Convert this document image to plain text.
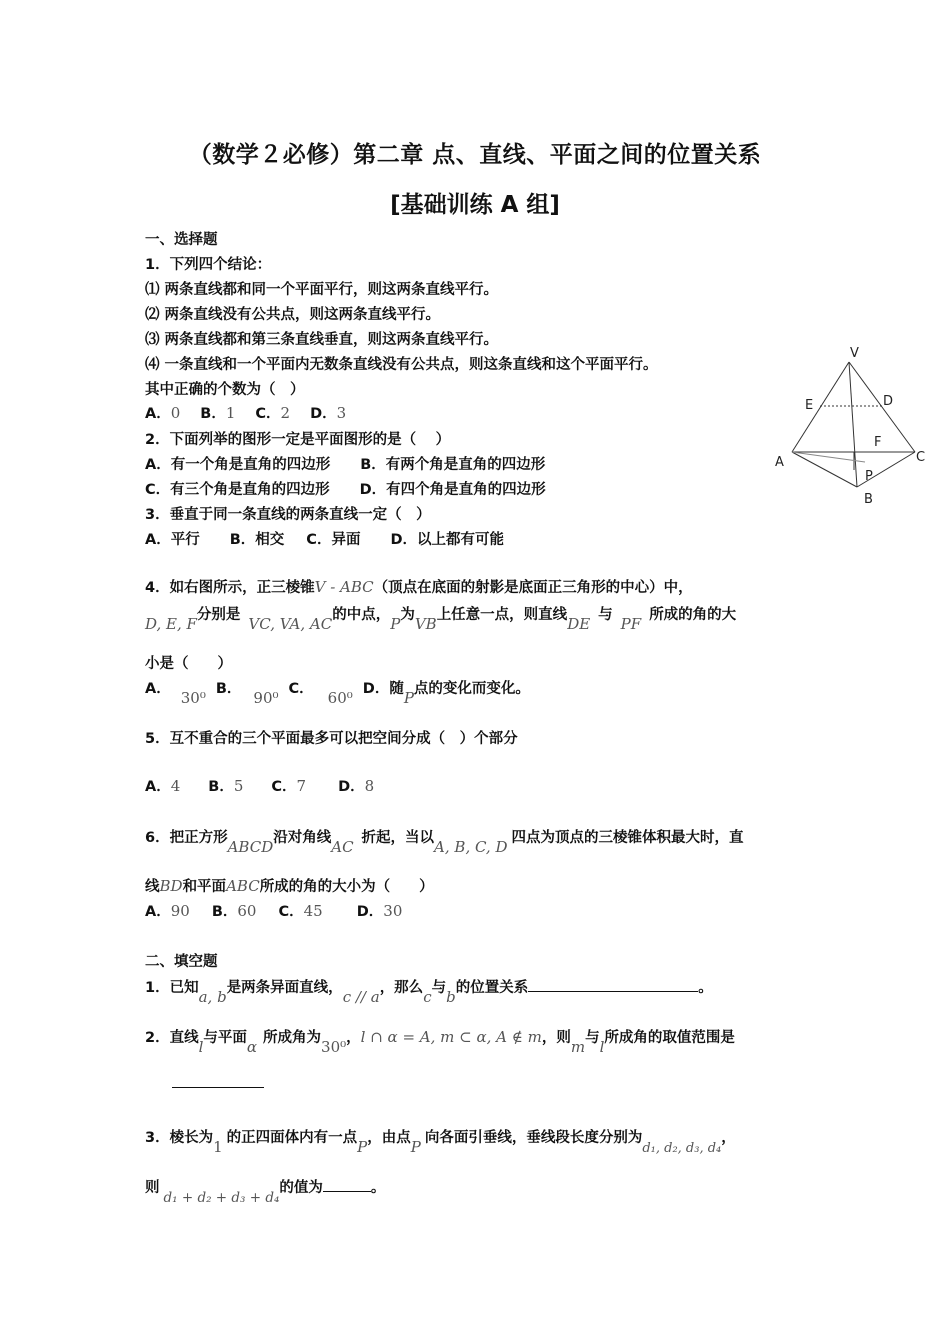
（数学２必修）第二章 点、直线、平面之间的位置关系
[基础训练 A 组]
一、选择题
1．下列四个结论：
⑴ 两条直线都和同一个平面平行，则这两条直线平行。
⑵ 两条直线没有公共点，则这两条直线平行。
⑶ 两条直线都和第三条直线垂直，则这两条直线平行。
⑷ 一条直线和一个平面内无数条直线没有公共点，则这条直线和这个平面平行。
其中正确的个数为（　）
A．0 B．1 C．2 D．3
2．下面列举的图形一定是平面图形的是（　 ）
A．有一个角是直角的四边形 B．有两个角是直角的四边形
C．有三个角是直角的四边形 D．有四个角是直角的四边形
3．垂直于同一条直线的两条直线一定（　）
A．平行 B．相交 C．异面 D．以上都有可能
4．如右图所示，正三棱锥V - ABC（顶点在底面的射影是底面正三角形的中心）中，
D, E, F分别是 VC, VA, AC的中点，P为VB上任意一点，则直线DE 与 PF 所成的角的大
小是（　　）
A． 30⁰ B． 90⁰ C． 60⁰ D．随P点的变化而变化。
5．互不重合的三个平面最多可以把空间分成（　）个部分
A．4 B．5 C．7 D．8
6．把正方形ABCD沿对角线AC 折起，当以A, B, C, D 四点为顶点的三棱锥体积最大时，直
线BD和平面ABC所成的角的大小为（　　）
A．90 B．60 C．45 D．30
二、填空题
1．已知a, b是两条异面直线，c // a，那么c与b的位置关系	。
2．直线l与平面α 所成角为30⁰，l ∩ α = A, m ⊂ α, A ∉ m，则m与l所成角的取值范围是
3．棱长为1 的正四面体内有一点P，由点P 向各面引垂线，垂线段长度分别为d₁, d₂, d₃, d₄，
则d₁ + d₂ + d₃ + d₄的值为	。
V
E	D
F
A	C
P
B
